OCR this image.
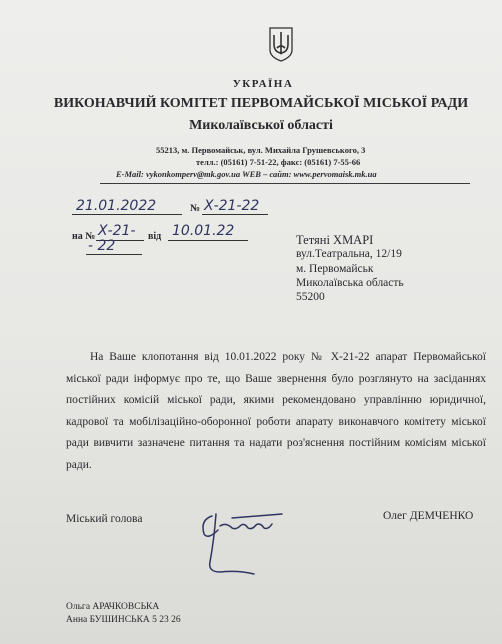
УКРАЇНА
ВИКОНАВЧИЙ КОМІТЕТ ПЕРВОМАЙСЬКОЇ МІСЬКОЇ РАДИ
Миколаївської області
55213, м. Первомайськ, вул. Михайла Грушевського, 3
телл.: (05161) 7-51-22, факс: (05161) 7-55-66
E-Mail: vykonkomperv@mk.gov.ua WEB – сайт: www.pervomaisk.mk.ua
21.01.2022	№ Х-21-22
на № Х-21-
- 22
від 10.01.22
Тетяні ХМАРІ
вул.Театральна, 12/19
м. Первомайськ
Миколаївська область
55200
На Ваше клопотання від 10.01.2022 року № Х-21-22 апарат Первомайської міської ради інформує про те, що Ваше звернення було розглянуто на засіданнях постійних комісій міської ради, якими рекомендовано управлінню юридичної, кадрової та мобілізаційно-оборонної роботи апарату виконавчого комітету міської ради вивчити зазначене питання та надати роз'яснення постійним комісіям міської ради.
Міський голова	Олег ДЕМЧЕНКО
Ольга АРАЧКОВСЬКА
Анна БУШИНСЬКА 5 23 26
